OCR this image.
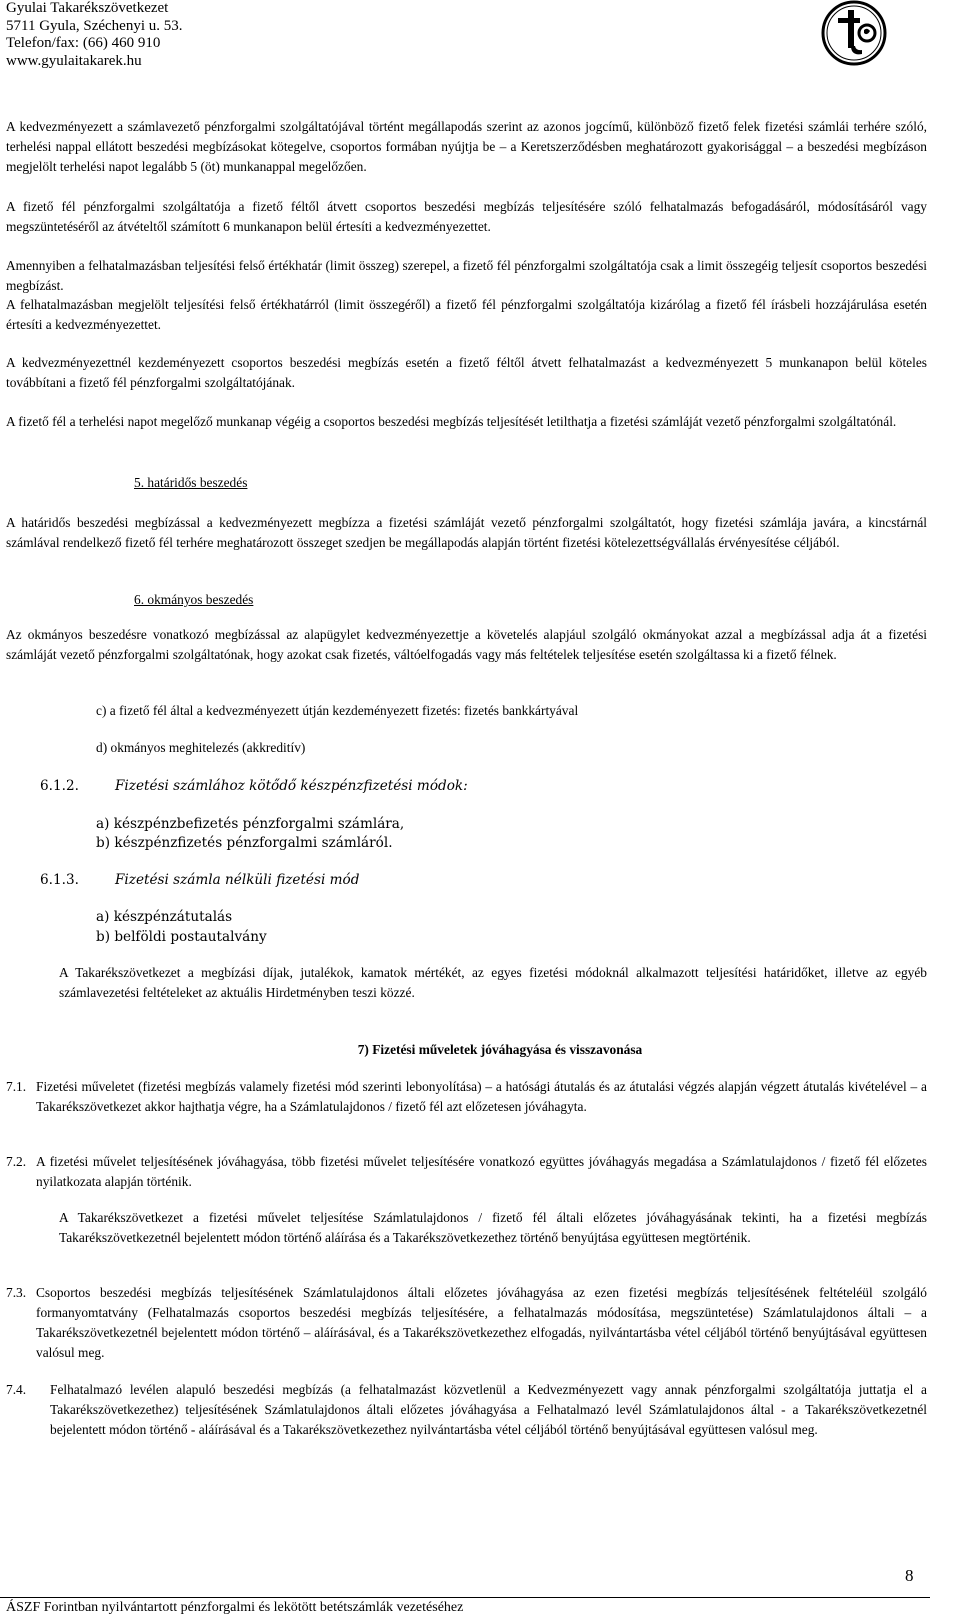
Gyulai Takarékszövetkezet
5711 Gyula, Széchenyi u. 53.
Telefon/fax: (66) 460 910
www.gyulaitakarek.hu
A kedvezményezett a számlavezető pénzforgalmi szolgáltatójával történt megállapodás szerint az azonos jogcímű, különböző fizető felek fizetési számlái terhére szóló, terhelési nappal ellátott beszedési megbízásokat kötegelve, csoportos formában nyújtja be – a Keretszerződésben meghatározott gyakorisággal – a beszedési megbízáson megjelölt terhelési napot legalább 5 (öt) munkanappal megelőzően.
A fizető fél pénzforgalmi szolgáltatója a fizető féltől átvett csoportos beszedési megbízás teljesítésére szóló felhatalmazás befogadásáról, módosításáról vagy megszüntetéséről az átvételtől számított 6 munkanapon belül értesíti a kedvezményezettet.
Amennyiben a felhatalmazásban teljesítési felső értékhatár (limit összeg) szerepel, a fizető fél pénzforgalmi szolgáltatója csak a limit összegéig teljesít csoportos beszedési megbízást.
A felhatalmazásban megjelölt teljesítési felső értékhatárról (limit összegéről) a fizető fél pénzforgalmi szolgáltatója kizárólag a fizető fél írásbeli hozzájárulása esetén értesíti a kedvezményezettet.
A kedvezményezettnél kezdeményezett csoportos beszedési megbízás esetén a fizető féltől átvett felhatalmazást a kedvezményezett 5 munkanapon belül köteles továbbítani a fizető fél pénzforgalmi szolgáltatójának.
A fizető fél a terhelési napot megelőző munkanap végéig a csoportos beszedési megbízás teljesítését letilthatja a fizetési számláját vezető pénzforgalmi szolgáltatónál.
5. határidős beszedés
A határidős beszedési megbízással a kedvezményezett megbízza a fizetési számláját vezető pénzforgalmi szolgáltatót, hogy fizetési számlája javára, a kincstárnál számlával rendelkező fizető fél terhére meghatározott összeget szedjen be megállapodás alapján történt fizetési kötelezettségvállalás érvényesítése céljából.
6. okmányos beszedés
Az okmányos beszedésre vonatkozó megbízással az alapügylet kedvezményezettje a követelés alapjául szolgáló okmányokat azzal a megbízással adja át a fizetési számláját vezető pénzforgalmi szolgáltatónak, hogy azokat csak fizetés, váltóelfogadás vagy más feltételek teljesítése esetén szolgáltassa ki a fizető félnek.
c) a fizető fél által a kedvezményezett útján kezdeményezett fizetés: fizetés bankkártyával
d) okmányos meghitelezés (akkreditív)
6.1.2.	Fizetési számlához kötődő készpénzfizetési módok:
a) készpénzbefizetés pénzforgalmi számlára,
b) készpénzfizetés pénzforgalmi számláról.
6.1.3.	Fizetési számla nélküli fizetési mód
a) készpénzátutalás
b) belföldi postautalvány
A Takarékszövetkezet a megbízási díjak, jutalékok, kamatok mértékét, az egyes fizetési módoknál alkalmazott teljesítési határidőket, illetve az egyéb számlavezetési feltételeket az aktuális Hirdetményben teszi közzé.
7) Fizetési műveletek jóváhagyása és visszavonása
7.1. Fizetési műveletet (fizetési megbízás valamely fizetési mód szerinti lebonyolítása) – a hatósági átutalás és az átutalási végzés alapján végzett átutalás kivételével – a Takarékszövetkezet akkor hajthatja végre, ha a Számlatulajdonos / fizető fél azt előzetesen jóváhagyta.
7.2. A fizetési művelet teljesítésének jóváhagyása, több fizetési művelet teljesítésére vonatkozó együttes jóváhagyás megadása a Számlatulajdonos / fizető fél előzetes nyilatkozata alapján történik.
A Takarékszövetkezet a fizetési művelet teljesítése Számlatulajdonos / fizető fél általi előzetes jóváhagyásának tekinti, ha a fizetési megbízás Takarékszövetkezetnél bejelentett módon történő aláírása és a Takarékszövetkezethez történő benyújtása együttesen megtörténik.
7.3. Csoportos beszedési megbízás teljesítésének Számlatulajdonos általi előzetes jóváhagyása az ezen fizetési megbízás teljesítésének feltételéül szolgáló formanyomtatvány (Felhatalmazás csoportos beszedési megbízás teljesítésére, a felhatalmazás módosítása, megszüntetése) Számlatulajdonos általi – a Takarékszövetkezetnél bejelentett módon történő – aláírásával, és a Takarékszövetkezethez elfogadás, nyilvántartásba vétel céljából történő benyújtásával együttesen valósul meg.
7.4.	Felhatalmazó levélen alapuló beszedési megbízás (a felhatalmazást közvetlenül a Kedvezményezett vagy annak pénzforgalmi szolgáltatója juttatja el a Takarékszövetkezethez) teljesítésének Számlatulajdonos általi előzetes jóváhagyása a Felhatalmazó levél Számlatulajdonos által - a Takarékszövetkezetnél bejelentett módon történő - aláírásával és a Takarékszövetkezethez nyilvántartásba vétel céljából történő benyújtásával együttesen valósul meg.
8
ÁSZF Forintban nyilvántartott pénzforgalmi és lekötött betétszámlák vezetéséhez
